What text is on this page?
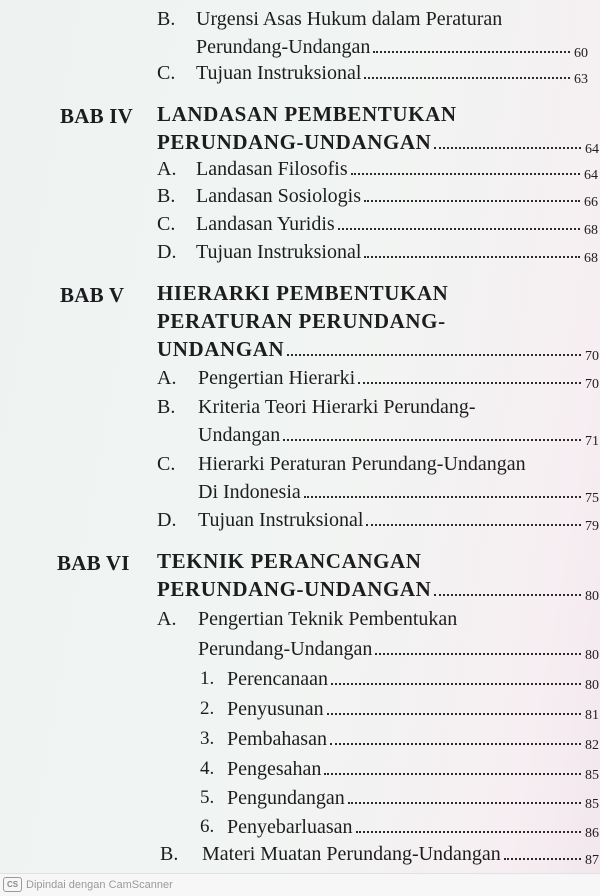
B. Urgensi Asas Hukum dalam Peraturan
Perundang-Undangan	60
C. Tujuan Instruksional	63
BAB IV LANDASAN PEMBENTUKAN
PERUNDANG-UNDANGAN	64
A. Landasan Filosofis	64
B. Landasan Sosiologis	66
C. Landasan Yuridis	68
D. Tujuan Instruksional	68
BAB V HIERARKI PEMBENTUKAN
PERATURAN PERUNDANG-
UNDANGAN	70
A. Pengertian Hierarki	70
B. Kriteria Teori Hierarki Perundang-
Undangan	71
C. Hierarki Peraturan Perundang-Undangan
Di Indonesia	75
D. Tujuan Instruksional	79
BAB VI TEKNIK PERANCANGAN
PERUNDANG-UNDANGAN	80
A. Pengertian Teknik Pembentukan
Perundang-Undangan	80
1. Perencanaan	80
2. Penyusunan	81
3. Pembahasan	82
4. Pengesahan	85
5. Pengundangan	85
6. Penyebarluasan	86
B. Materi Muatan Perundang-Undangan	87
CS Dipindai dengan CamScanner
